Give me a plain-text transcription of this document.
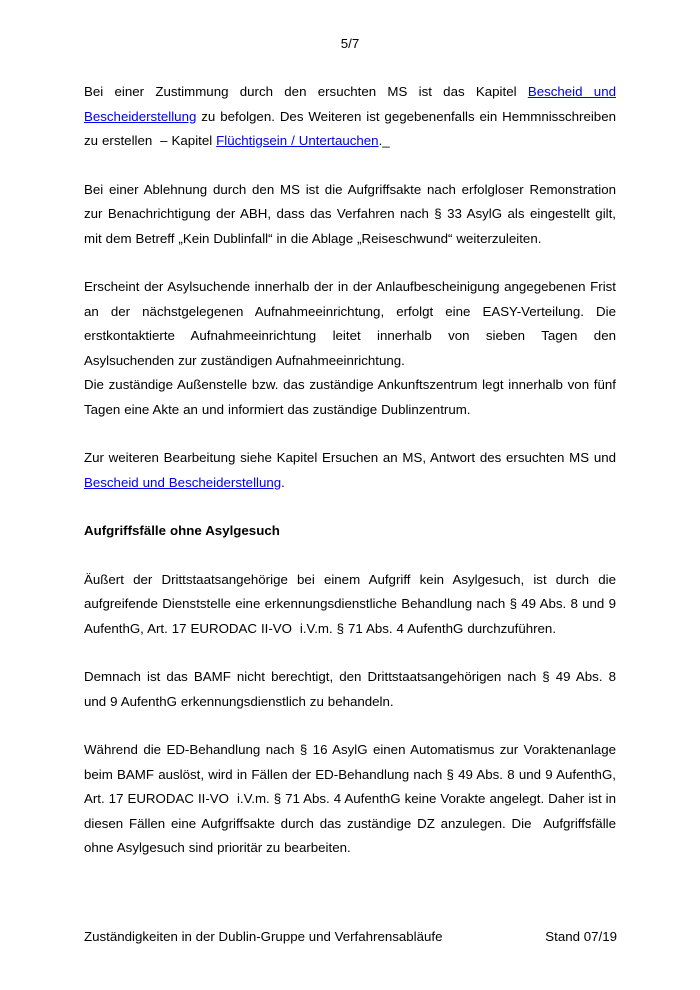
5/7

Bei einer Zustimmung durch den ersuchten MS ist das Kapitel Bescheid und Bescheiderstellung zu befolgen. Des Weiteren ist gegebenenfalls ein Hemmnisschreiben zu erstellen  – Kapitel Flüchtigsein / Untertauchen._

Bei einer Ablehnung durch den MS ist die Aufgriffsakte nach erfolgloser Remonstration zur Benachrichtigung der ABH, dass das Verfahren nach § 33 AsylG als eingestellt gilt, mit dem Betreff „Kein Dublinfall“ in die Ablage „Reiseschwund“ weiterzuleiten.

Erscheint der Asylsuchende innerhalb der in der Anlaufbescheinigung angegebenen Frist an der nächstgelegenen Aufnahmeeinrichtung, erfolgt eine EASY-Verteilung. Die erstkontaktierte Aufnahmeeinrichtung leitet innerhalb von sieben Tagen den Asylsuchenden zur zuständigen Aufnahmeeinrichtung.

Die zuständige Außenstelle bzw. das zuständige Ankunftszentrum legt innerhalb von fünf Tagen eine Akte an und informiert das zuständige Dublinzentrum.

Zur weiteren Bearbeitung siehe Kapitel Ersuchen an MS, Antwort des ersuchten MS und Bescheid und Bescheiderstellung.

Aufgriffsfälle ohne Asylgesuch

Äußert der Drittstaatsangehörige bei einem Aufgriff kein Asylgesuch, ist durch die aufgreifende Dienststelle eine erkennungsdienstliche Behandlung nach § 49 Abs. 8 und 9 AufenthG, Art. 17 EURODAC II-VO  i.V.m. § 71 Abs. 4 AufenthG durchzuführen.

Demnach ist das BAMF nicht berechtigt, den Drittstaatsangehörigen nach § 49 Abs. 8 und 9 AufenthG erkennungsdienstlich zu behandeln.

Während die ED-Behandlung nach § 16 AsylG einen Automatismus zur Voraktenanlage beim BAMF auslöst, wird in Fällen der ED-Behandlung nach § 49 Abs. 8 und 9 AufenthG, Art. 17 EURODAC II-VO  i.V.m. § 71 Abs. 4 AufenthG keine Vorakte angelegt. Daher ist in diesen Fällen eine Aufgriffsakte durch das zuständige DZ anzulegen. Die  Aufgriffsfälle ohne Asylgesuch sind prioritär zu bearbeiten.

Zuständigkeiten in der Dublin-Gruppe und Verfahrensabläufe	Stand 07/19
